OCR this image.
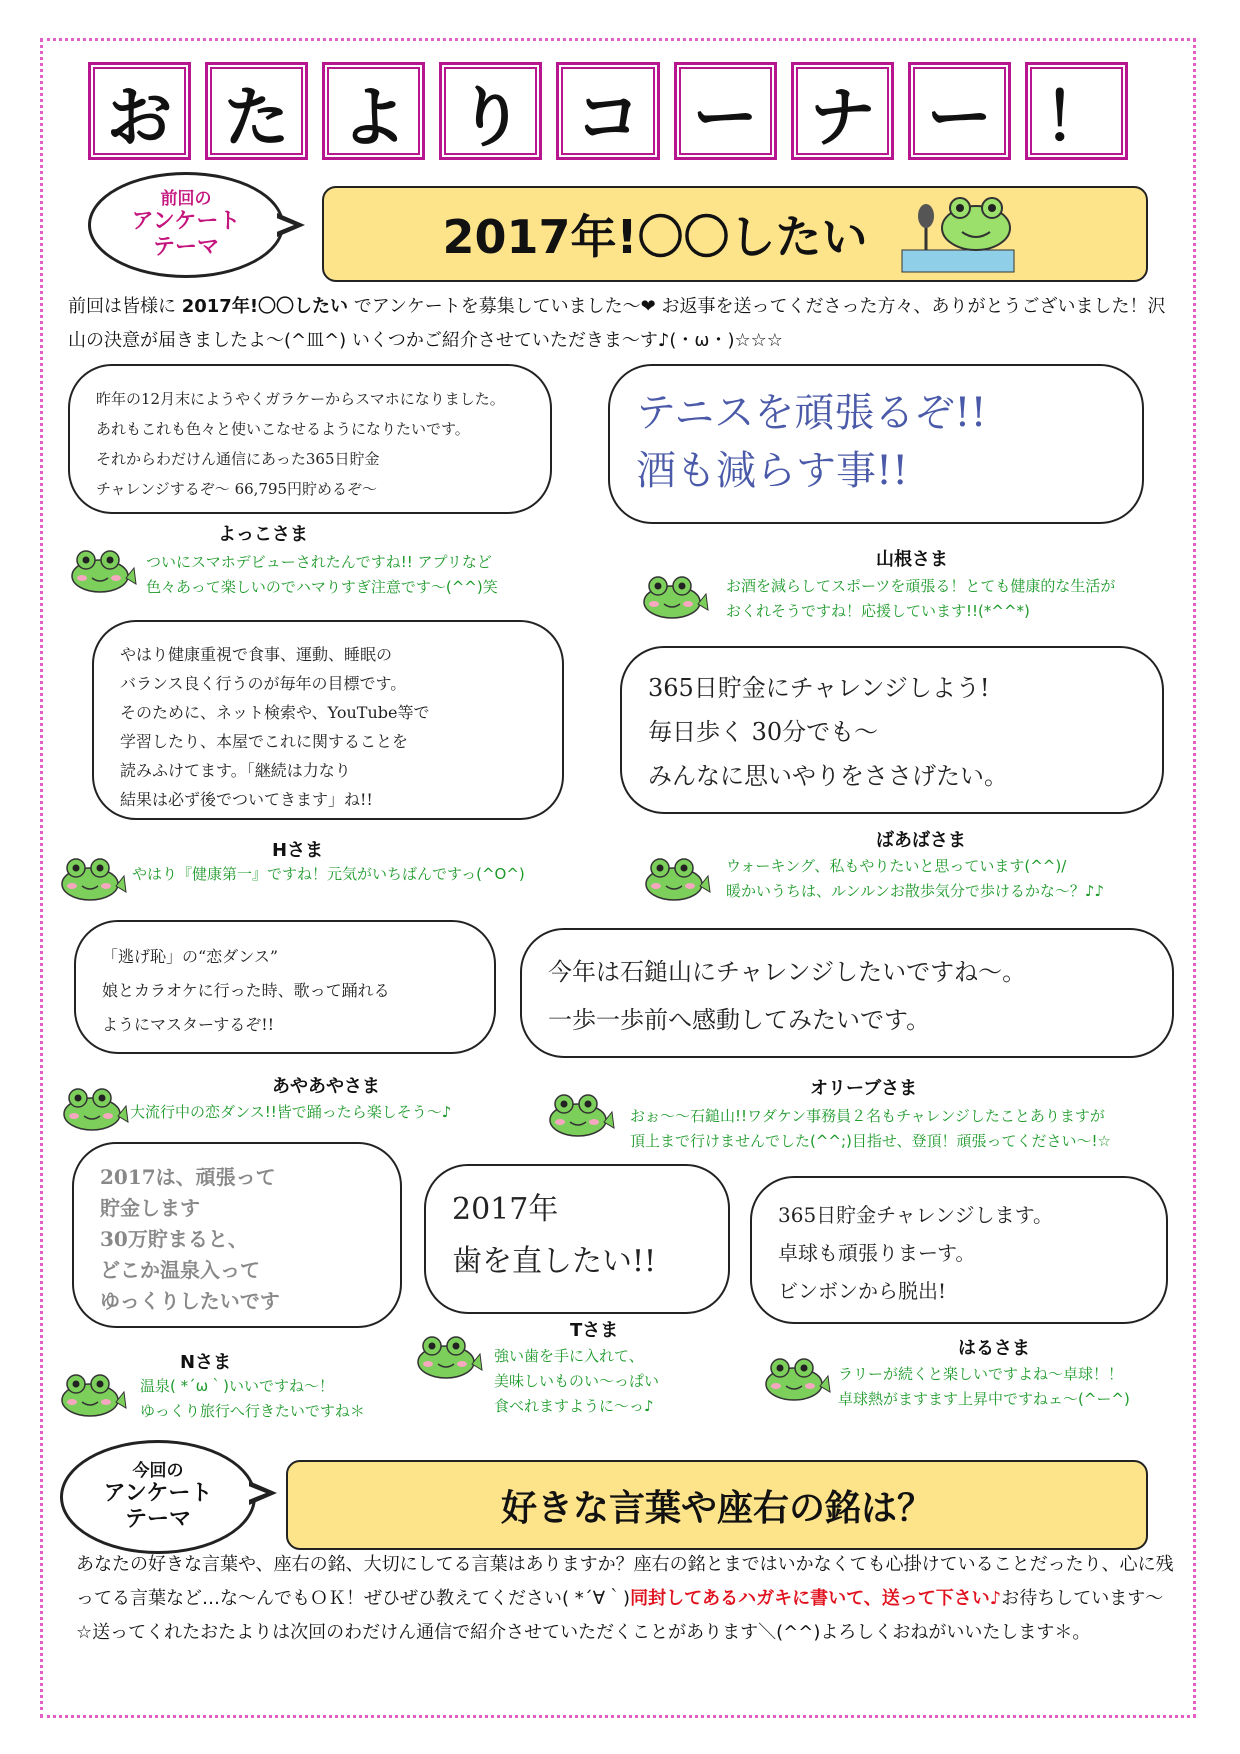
お た よ り コ ー ナ ー ！
前回の
アンケート
テーマ	2017年!〇〇したい
前回は皆様に 2017年!〇〇したい でアンケートを募集していました～❤ お返事を送ってくださった方々、ありがとうございました！沢山の決意が届きましたよ～(^皿^) いくつかご紹介させていただきま～す♪(・ω・)☆☆☆
昨年の12月末にようやくガラケーからスマホになりました。
あれもこれも色々と使いこなせるようになりたいです。
それからわだけん通信にあった365日貯金
チャレンジするぞ～ 66,795円貯めるぞ～
よっこさま
ついにスマホデビューされたんですね!! アプリなど
色々あって楽しいのでハマりすぎ注意です～(^^)笑
テニスを頑張るぞ!!
酒も減らす事!!
山根さま
お酒を減らしてスポーツを頑張る！とても健康的な生活が
おくれそうですね！応援しています!!(*^^*)
やはり健康重視で食事、運動、睡眠の
バランス良く行うのが毎年の目標です。
そのために、ネット検索や、YouTube等で
学習したり、本屋でこれに関することを
読みふけてます。「継続は力なり
結果は必ず後でついてきます」ね!!
Hさま
やはり『健康第一』ですね！元気がいちばんですっ(^O^)
365日貯金にチャレンジしよう!
毎日歩く 30分でも～
みんなに思いやりをささげたい。
ばあばさま
ウォーキング、私もやりたいと思っています(^^)/
暖かいうちは、ルンルンお散歩気分で歩けるかな～？♪♪
「逃げ恥」の“恋ダンス”
娘とカラオケに行った時、歌って踊れる
ようにマスターするぞ!!
あやあやさま
大流行中の恋ダンス!!皆で踊ったら楽しそう～♪
今年は石鎚山にチャレンジしたいですね～。
一歩一歩前へ感動してみたいです。
オリーブさま
おぉ～～石鎚山!!ワダケン事務員２名もチャレンジしたことありますが
頂上まで行けませんでした(^^;)目指せ、登頂！頑張ってください～!☆
2017は、頑張って
貯金します
30万貯まると、
どこか温泉入って
ゆっくりしたいです
Nさま
温泉( *´ω｀)いいですね～！
ゆっくり旅行へ行きたいですね＊
2017年
歯を直したい!!
Tさま
強い歯を手に入れて、
美味しいものい～っぱい
食べれますように～っ♪
365日貯金チャレンジします。
卓球も頑張りまーす。
ビンボンから脱出!
はるさま
ラリーが続くと楽しいですよね～卓球！！
卓球熱がますます上昇中ですねェ～(^ー^)
今回の
アンケート
テーマ	好きな言葉や座右の銘は？
あなたの好きな言葉や、座右の銘、大切にしてる言葉はありますか？座右の銘とまではいかなくても心掛けていることだったり、心に残ってる言葉など…な～んでもＯＫ！ぜひぜひ教えてください( *´∀｀)同封してあるハガキに書いて、送って下さい♪お待ちしています～☆送ってくれたおたよりは次回のわだけん通信で紹介させていただくことがあります＼(^^)よろしくおねがいいたします＊。
